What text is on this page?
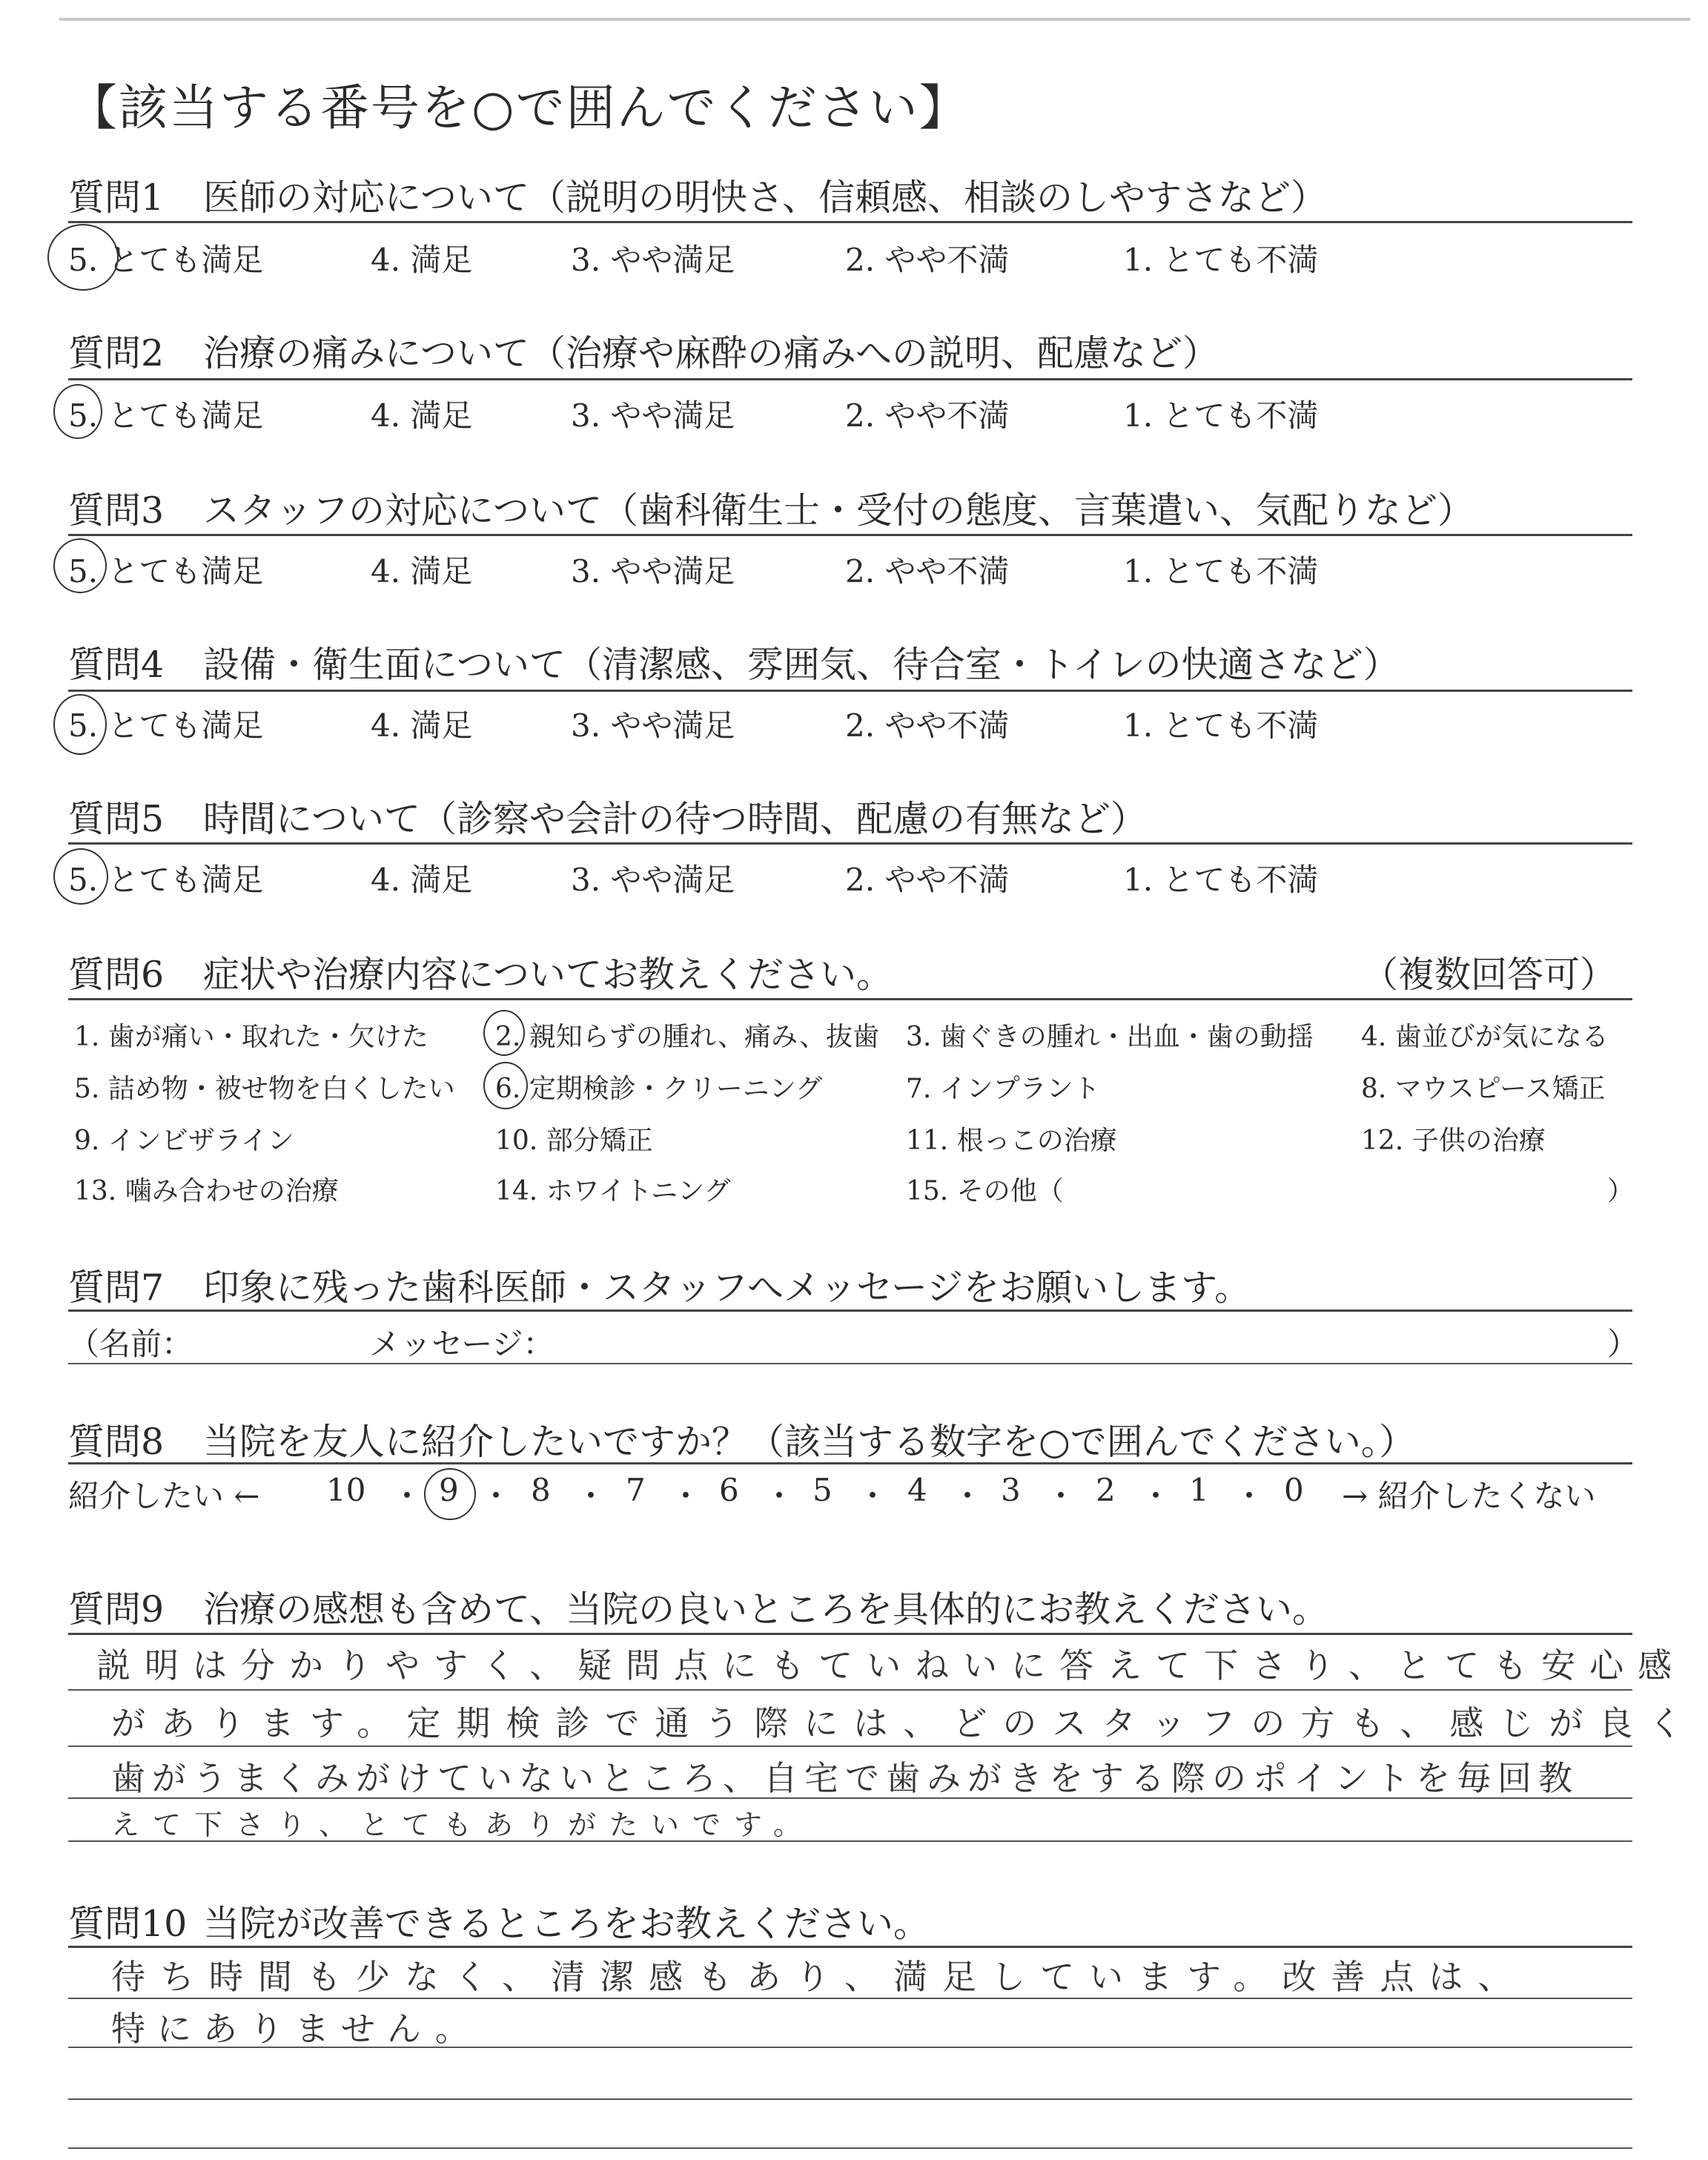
【該当する番号を○で囲んでください】
質問1 医師の対応について（説明の明快さ、信頼感、相談のしやすさなど）
5. とても満足	4. 満足	3. やや満足	2. やや不満	1. とても不満
質問2 治療の痛みについて（治療や麻酔の痛みへの説明、配慮など）
5. とても満足	4. 満足	3. やや満足	2. やや不満	1. とても不満
質問3 スタッフの対応について（歯科衛生士・受付の態度、言葉遣い、気配りなど）
5. とても満足	4. 満足	3. やや満足	2. やや不満	1. とても不満
質問4 設備・衛生面について（清潔感、雰囲気、待合室・トイレの快適さなど）
5. とても満足	4. 満足	3. やや満足	2. やや不満	1. とても不満
質問5 時間について（診察や会計の待つ時間、配慮の有無など）
5. とても満足	4. 満足	3. やや満足	2. やや不満	1. とても不満
質問6 症状や治療内容についてお教えください。	（複数回答可）
1. 歯が痛い・取れた・欠けた	2. 親知らずの腫れ、痛み、抜歯 3. 歯ぐきの腫れ・出血・歯の動揺 4. 歯並びが気になる
5. 詰め物・被せ物を白くしたい 6. 定期検診・クリーニング	7. インプラント	8. マウスピース矯正
9. インビザライン	10. 部分矯正	11. 根っこの治療	12. 子供の治療
13. 噛み合わせの治療	14. ホワイトニング	15. その他（	）
質問7 印象に残った歯科医師・スタッフへメッセージをお願いします。
（名前：	メッセージ：	）
質問8 当院を友人に紹介したいですか？（該当する数字を○で囲んでください。）
紹介したい ← 10 ・ 9 ・ 8 ・ 7 ・ 6 ・ 5 ・ 4 ・ 3 ・ 2 ・ 1 ・ 0 → 紹介したくない
質問9 治療の感想も含めて、当院の良いところを具体的にお教えください。
説明は分かりやすく、疑問点にもていねいに答えて下さり、とても安心感
があります。定期検診で通う際には、どのスタッフの方も、感じが良く
歯がうまくみがけていないところ、自宅で歯みがきをする際のポイントを毎回教
えて下さり、とてもありがたいです。
質問10 当院が改善できるところをお教えください。
待ち時間も少なく、清潔感もあり、満足しています。改善点は、
特にありません。
